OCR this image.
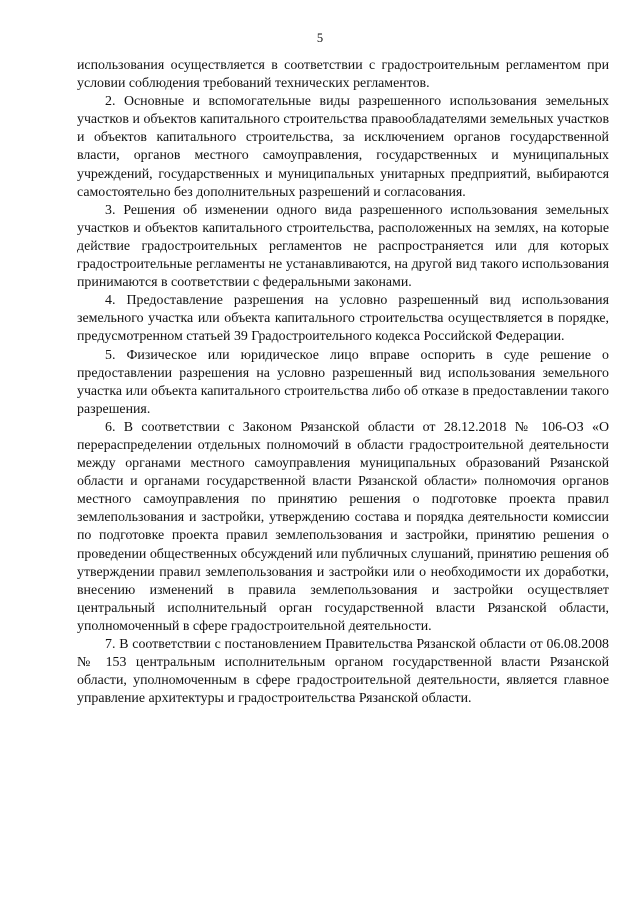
5

использования осуществляется в соответствии с градостроительным регламентом при условии соблюдения требований технических регламентов.

2. Основные и вспомогательные виды разрешенного использования земельных участков и объектов капитального строительства правообладателями земельных участков и объектов капитального строительства, за исключением органов государственной власти, органов местного самоуправления, государственных и муниципальных учреждений, государственных и муниципальных унитарных предприятий, выбираются самостоятельно без дополнительных разрешений и согласования.

3. Решения об изменении одного вида разрешенного использования земельных участков и объектов капитального строительства, расположенных на землях, на которые действие градостроительных регламентов не распространяется или для которых градостроительные регламенты не устанавливаются, на другой вид такого использования принимаются в соответствии с федеральными законами.

4. Предоставление разрешения на условно разрешенный вид использования земельного участка или объекта капитального строительства осуществляется в порядке, предусмотренном статьей 39 Градостроительного кодекса Российской Федерации.

5. Физическое или юридическое лицо вправе оспорить в суде решение о предоставлении разрешения на условно разрешенный вид использования земельного участка или объекта капитального строительства либо об отказе в предоставлении такого разрешения.

6. В соответствии с Законом Рязанской области от 28.12.2018 № 106-ОЗ «О перераспределении отдельных полномочий в области градостроительной деятельности между органами местного самоуправления муниципальных образований Рязанской области и органами государственной власти Рязанской области» полномочия органов местного самоуправления по принятию решения о подготовке проекта правил землепользования и застройки, утверждению состава и порядка деятельности комиссии по подготовке проекта правил землепользования и застройки, принятию решения о проведении общественных обсуждений или публичных слушаний, принятию решения об утверждении правил землепользования и застройки или о необходимости их доработки, внесению изменений в правила землепользования и застройки осуществляет центральный исполнительный орган государственной власти Рязанской области, уполномоченный в сфере градостроительной деятельности.

7. В соответствии с постановлением Правительства Рязанской области от 06.08.2008 № 153 центральным исполнительным органом государственной власти Рязанской области, уполномоченным в сфере градостроительной деятельности, является главное управление архитектуры и градостроительства Рязанской области.
